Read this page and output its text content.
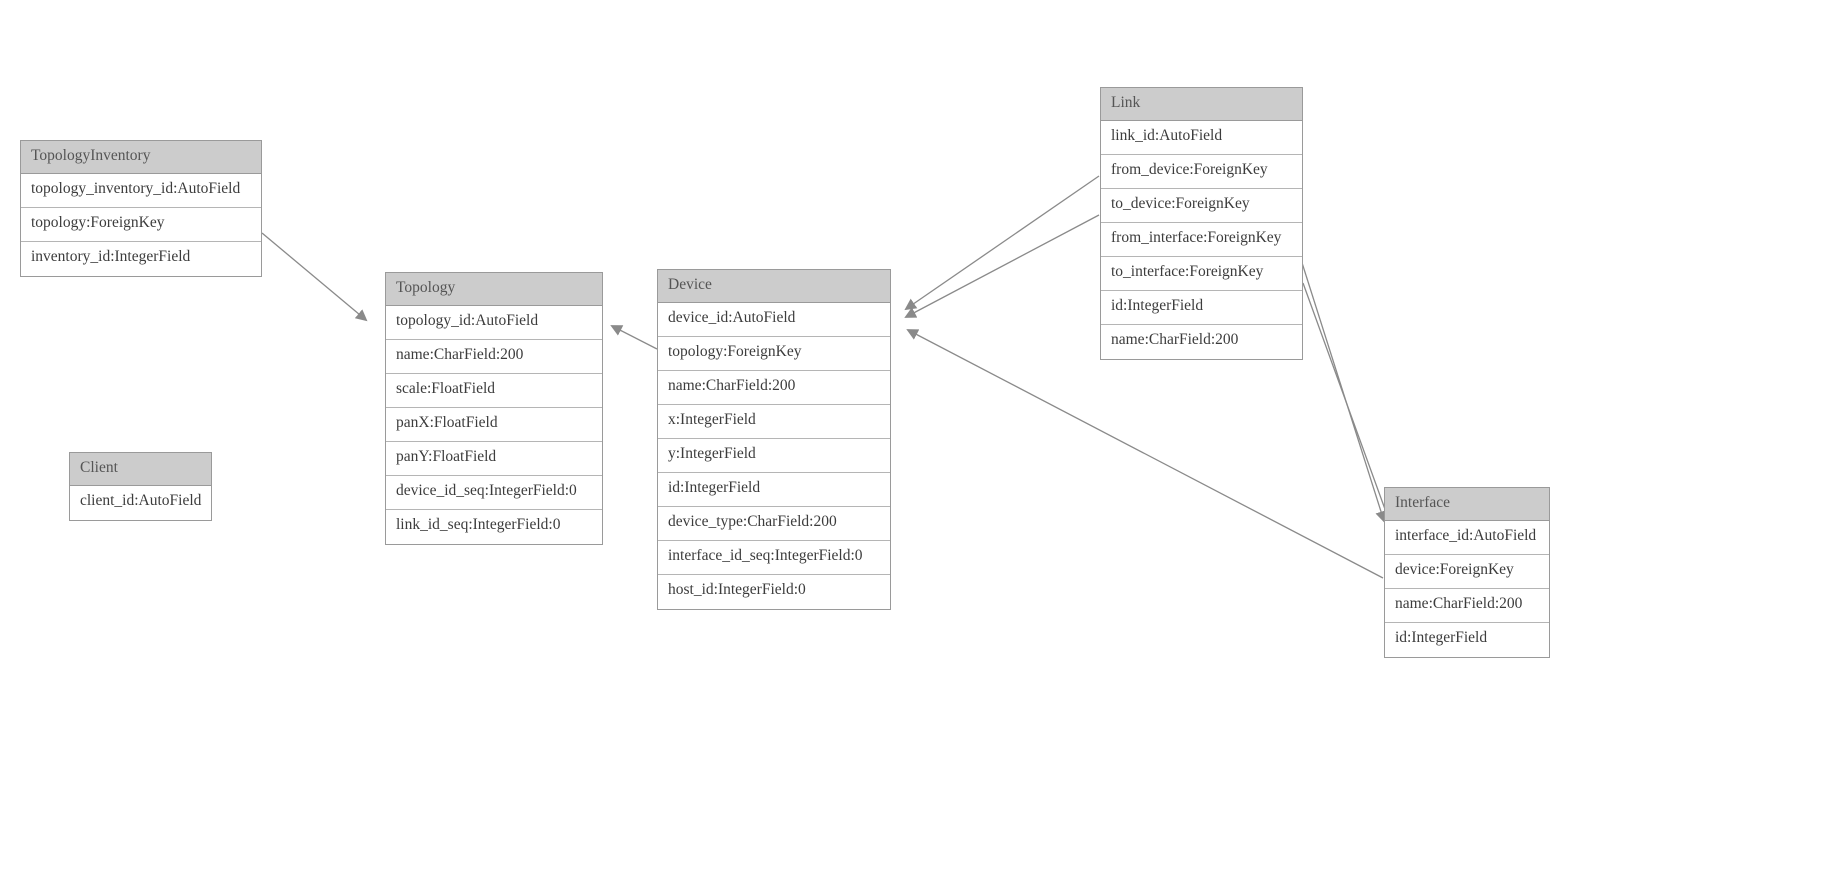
TopologyInventory
topology_inventory_id:AutoField
topology:ForeignKey
inventory_id:IntegerField
Client
client_id:AutoField
Topology
topology_id:AutoField
name:CharField:200
scale:FloatField
panX:FloatField
panY:FloatField
device_id_seq:IntegerField:0
link_id_seq:IntegerField:0
Device
device_id:AutoField
topology:ForeignKey
name:CharField:200
x:IntegerField
y:IntegerField
id:IntegerField
device_type:CharField:200
interface_id_seq:IntegerField:0
host_id:IntegerField:0
Link
link_id:AutoField
from_device:ForeignKey
to_device:ForeignKey
from_interface:ForeignKey
to_interface:ForeignKey
id:IntegerField
name:CharField:200
Interface
interface_id:AutoField
device:ForeignKey
name:CharField:200
id:IntegerField
